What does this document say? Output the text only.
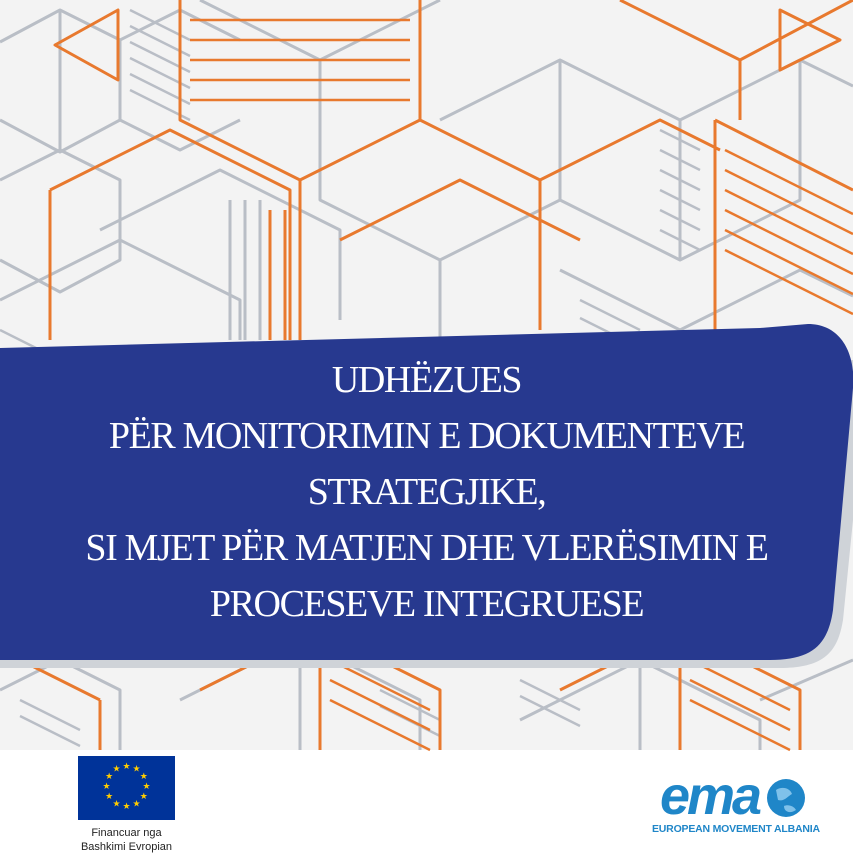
UDHËZUES
PËR MONITORIMIN E DOKUMENTEVE
STRATEGJIKE,
SI MJET PËR MATJEN DHE VLERËSIMIN E
PROCESEVE INTEGRUESE
★ ★
★
★
★
★
★
★
★
★
★
★
Financuar nga
Bashkimi Evropian
ema
EUROPEAN MOVEMENT ALBANIA
